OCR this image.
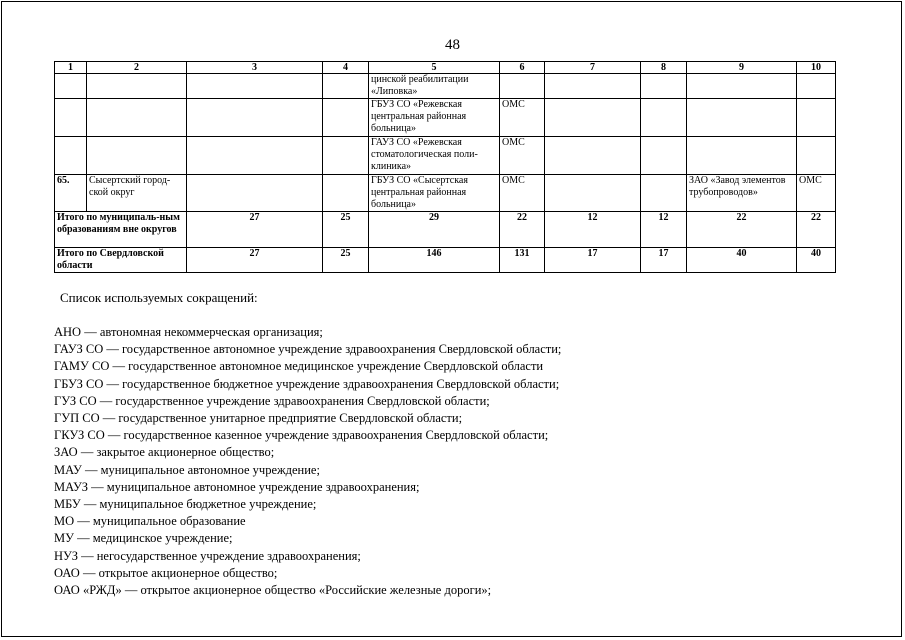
48
1	2	3	4	5	6	7	8	9	10
				цинской реабилитации «Липовка»					
				ГБУЗ СО «Режевская центральная районная больница»	ОМС				
				ГАУЗ СО «Режевская стоматологическая поли-клиника»	ОМС				
65.	Сысертский город-ской округ			ГБУЗ СО «Сысертская центральная районная больница»	ОМС			ЗАО «Завод элементов трубопроводов»	ОМС
Итого по муниципаль-ным образованиям вне округов		27	25	29	22	12	12	22	22
Итого по Свердловской области		27	25	146	131	17	17	40	40
Список используемых сокращений:
АНО — автономная некоммерческая организация;
ГАУЗ СО — государственное автономное учреждение здравоохранения Свердловской области;
ГАМУ СО — государственное автономное медицинское учреждение Свердловской области
ГБУЗ СО — государственное бюджетное учреждение здравоохранения Свердловской области;
ГУЗ СО — государственное учреждение здравоохранения Свердловской области;
ГУП СО — государственное унитарное предприятие Свердловской области;
ГКУЗ СО — государственное казенное учреждение здравоохранения Свердловской области;
ЗАО — закрытое акционерное общество;
МАУ — муниципальное автономное учреждение;
МАУЗ — муниципальное автономное учреждение здравоохранения;
МБУ — муниципальное бюджетное учреждение;
МО — муниципальное образование
МУ — медицинское учреждение;
НУЗ — негосударственное учреждение здравоохранения;
ОАО — открытое акционерное общество;
ОАО «РЖД» — открытое акционерное общество «Российские железные дороги»;
